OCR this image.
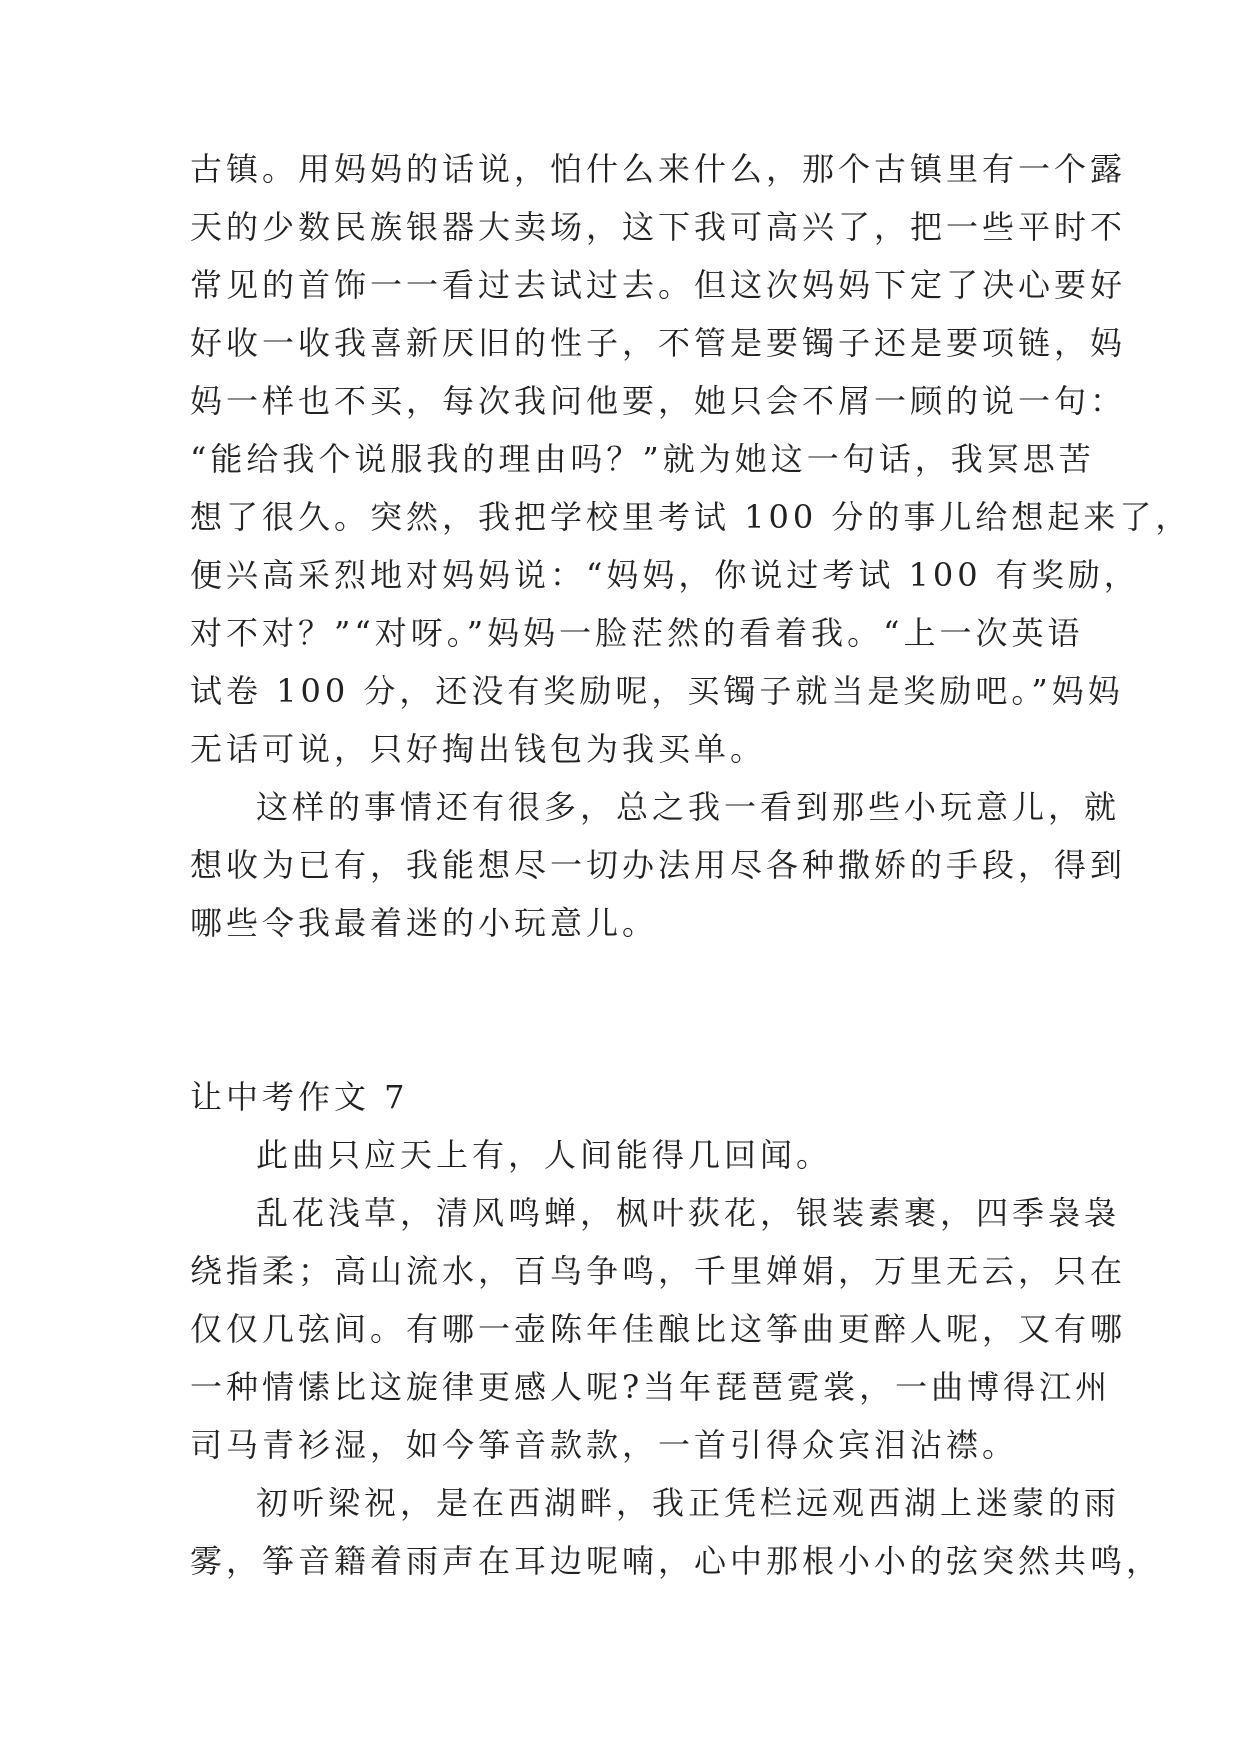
古镇。用妈妈的话说，怕什么来什么，那个古镇里有一个露
天的少数民族银器大卖场，这下我可高兴了，把一些平时不
常见的首饰一一看过去试过去。但这次妈妈下定了决心要好
好收一收我喜新厌旧的性子，不管是要镯子还是要项链，妈
妈一样也不买，每次我问他要，她只会不屑一顾的说一句：
“能给我个说服我的理由吗？”就为她这一句话，我冥思苦
想了很久。突然，我把学校里考试 100 分的事儿给想起来了，
便兴高采烈地对妈妈说：“妈妈，你说过考试 100 有奖励，
对不对？”“对呀。”妈妈一脸茫然的看着我。“上一次英语
试卷 100 分，还没有奖励呢，买镯子就当是奖励吧。”妈妈
无话可说，只好掏出钱包为我买单。
这样的事情还有很多，总之我一看到那些小玩意儿，就
想收为已有，我能想尽一切办法用尽各种撒娇的手段，得到
哪些令我最着迷的小玩意儿。
让中考作文 7
此曲只应天上有，人间能得几回闻。
乱花浅草，清风鸣蝉，枫叶荻花，银装素裹，四季袅袅
绕指柔；高山流水，百鸟争鸣，千里婵娟，万里无云，只在
仅仅几弦间。有哪一壶陈年佳酿比这筝曲更醉人呢，又有哪
一种情愫比这旋律更感人呢?当年琵琶霓裳，一曲博得江州
司马青衫湿，如今筝音款款，一首引得众宾泪沾襟。
初听梁祝，是在西湖畔，我正凭栏远观西湖上迷蒙的雨
雾，筝音籍着雨声在耳边呢喃，心中那根小小的弦突然共鸣，
